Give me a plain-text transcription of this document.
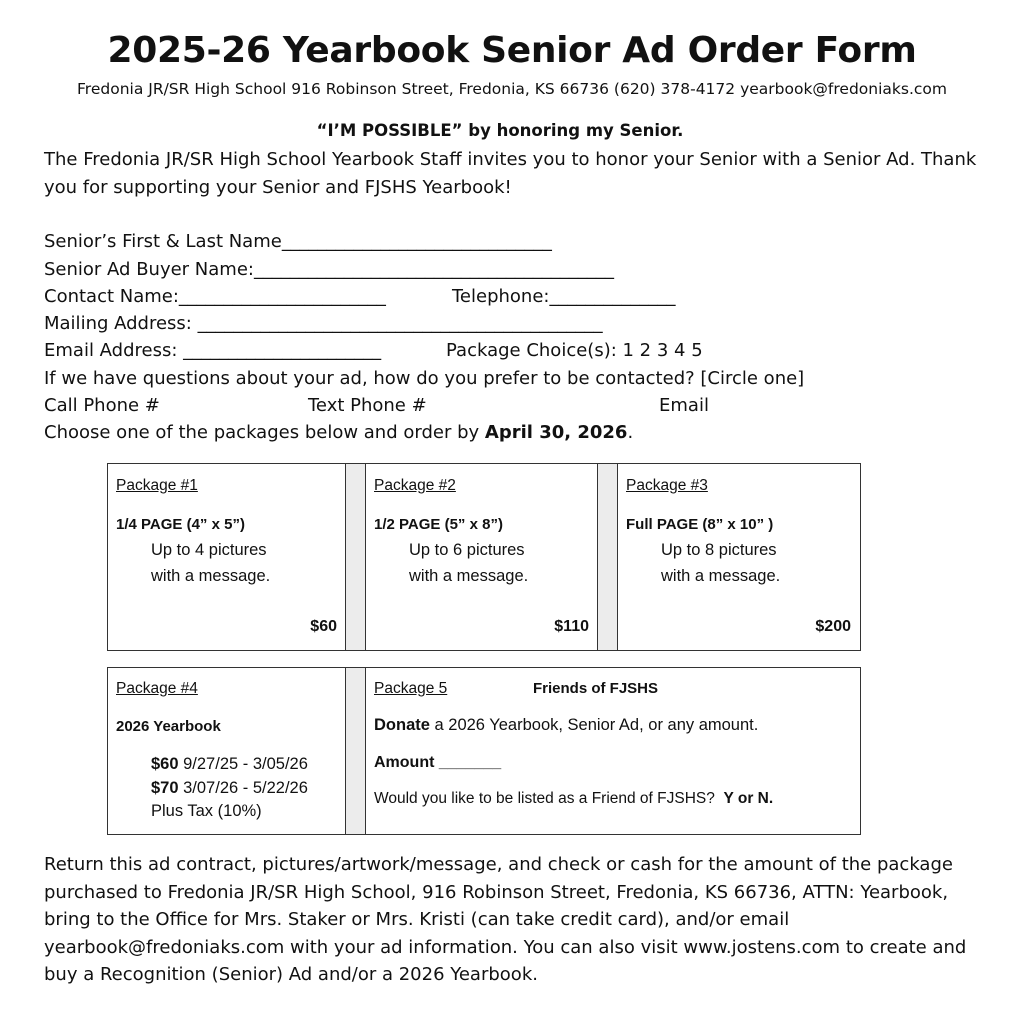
2025-26 Yearbook Senior Ad Order Form
Fredonia JR/SR High School 916 Robinson Street, Fredonia, KS 66736 (620) 378-4172 yearbook@fredoniaks.com
“I’M POSSIBLE” by honoring my Senior.
The Fredonia JR/SR High School Yearbook Staff invites you to honor your Senior with a Senior Ad. Thank you for supporting your Senior and FJSHS Yearbook!
Senior’s First & Last Name______________________________
Senior Ad Buyer Name:________________________________________
Contact Name:_______________________	Telephone:______________
Mailing Address: _____________________________________________
Email Address: ______________________	Package Choice(s): 1 2 3 4 5
If we have questions about your ad, how do you prefer to be contacted? [Circle one]
Call Phone #	Text Phone #	Email
Choose one of the packages below and order by April 30, 2026.
Package #1
1/4 PAGE (4” x 5”)
Up to 4 pictures
with a message.
$60
Package #2
1/2 PAGE (5” x 8”)
Up to 6 pictures
with a message.
$110
Package #3
Full PAGE (8” x 10” )
Up to 8 pictures
with a message.
$200
Package #4
2026 Yearbook
$60 9/27/25 - 3/05/26
$70 3/07/26 - 5/22/26
Plus Tax (10%)
Package 5	Friends of FJSHS
Donate a 2026 Yearbook, Senior Ad, or any amount.
Amount _______
Would you like to be listed as a Friend of FJSHS? Y or N.
Return this ad contract, pictures/artwork/message, and check or cash for the amount of the package purchased to Fredonia JR/SR High School, 916 Robinson Street, Fredonia, KS 66736, ATTN: Yearbook, bring to the Office for Mrs. Staker or Mrs. Kristi (can take credit card), and/or email yearbook@fredoniaks.com with your ad information. You can also visit www.jostens.com to create and buy a Recognition (Senior) Ad and/or a 2026 Yearbook.
